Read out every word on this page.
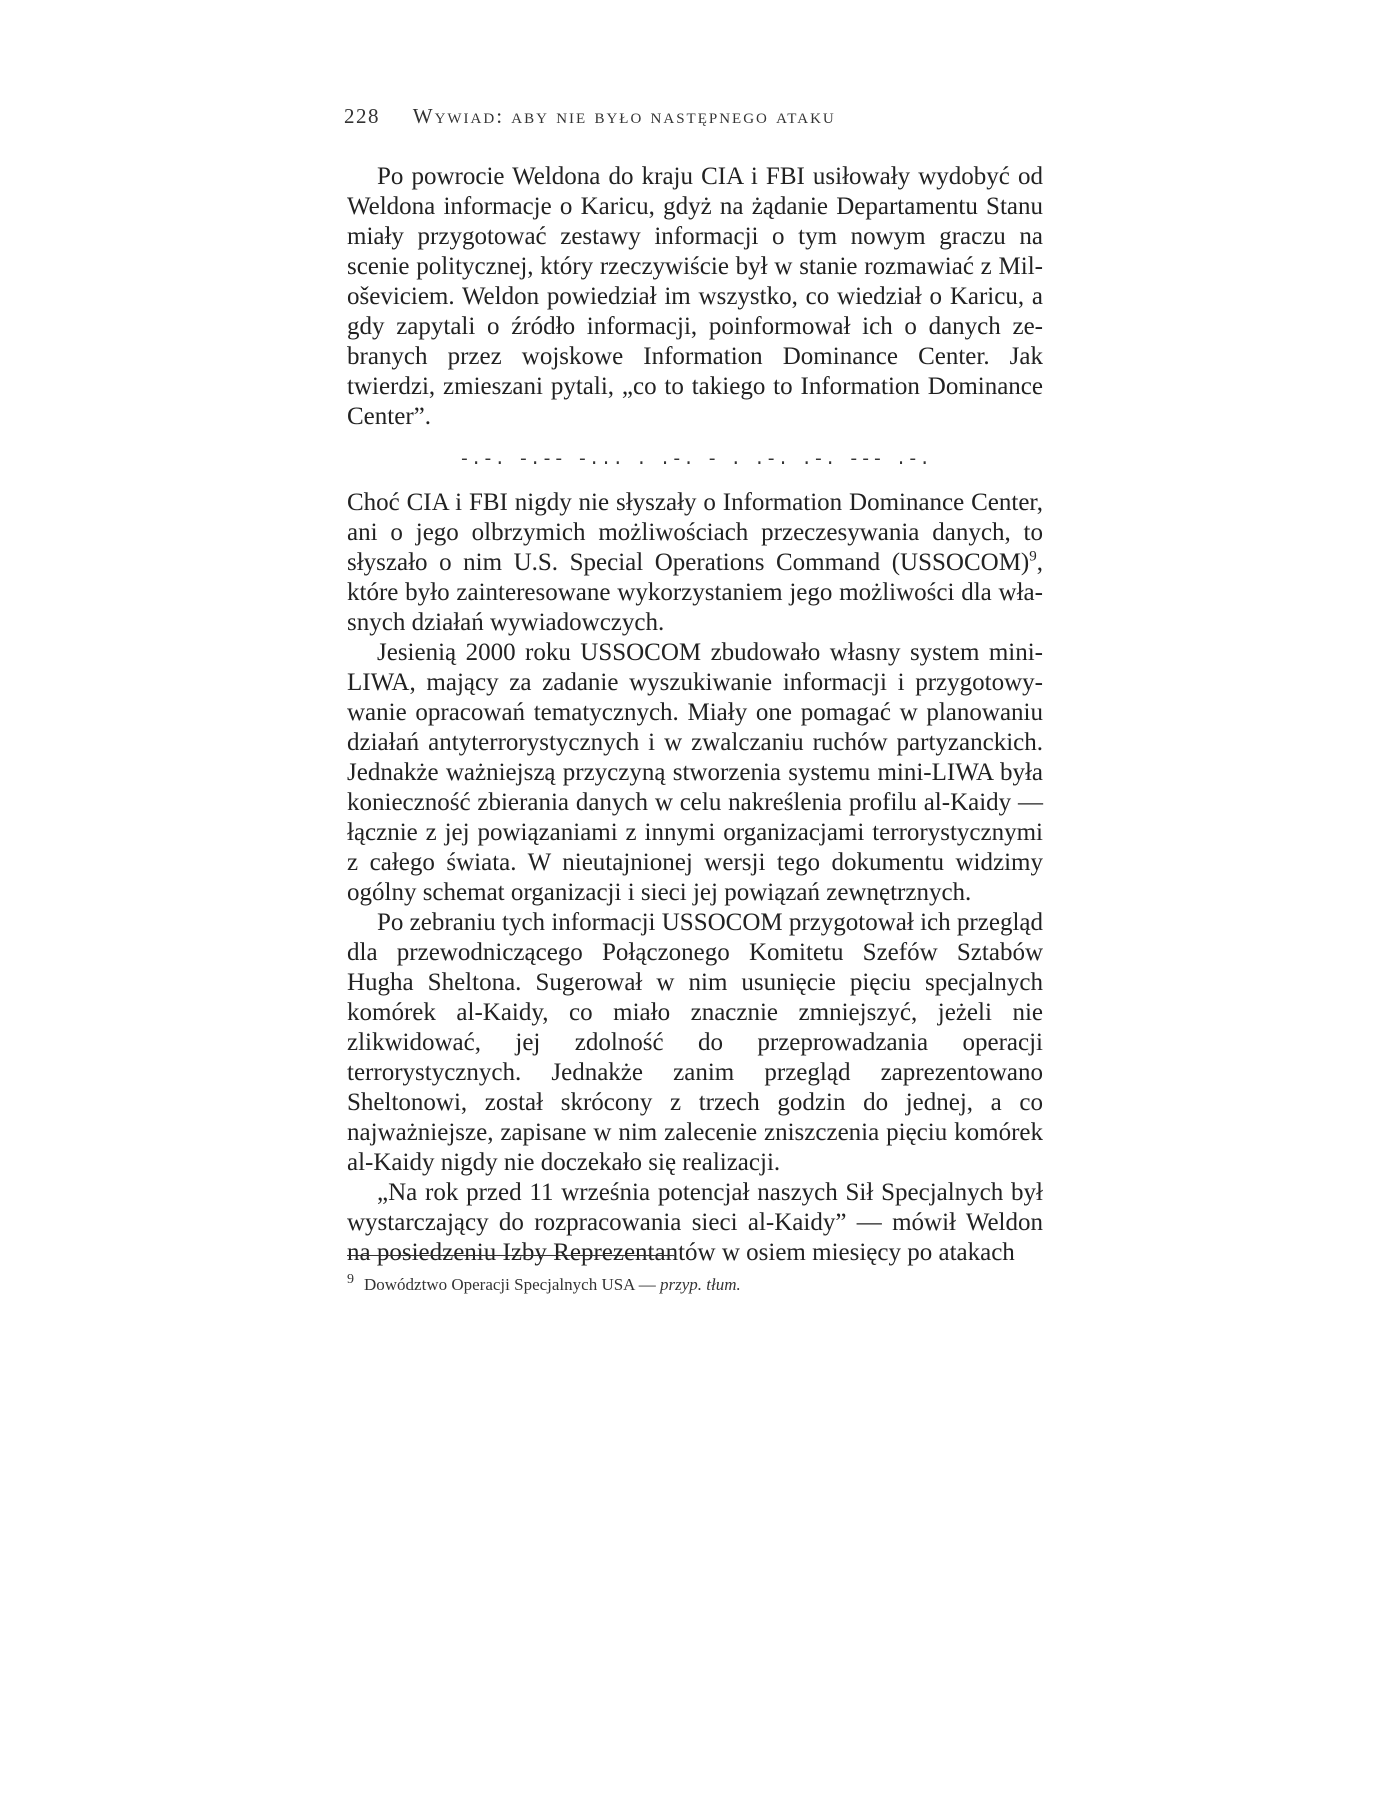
228 Wywiad: aby nie było następnego ataku

Po powrocie Weldona do kraju CIA i FBI usiłowały wydobyć od Weldona informacje o Karicu, gdyż na żądanie Departamentu Stanu miały przygotować zestawy informacji o tym nowym graczu na scenie politycznej, który rzeczywiście był w stanie rozmawiać z Miloševiciem. Weldon powiedział im wszystko, co wiedział o Karicu, a gdy zapytali o źródło informacji, poinformował ich o danych zebranych przez wojskowe Information Dominance Center. Jak twierdzi, zmieszani pytali, „co to takiego to Information Dominance Center”.

-.-. -.-- -... . .-. - . .-. .-. --- .-.

Choć CIA i FBI nigdy nie słyszały o Information Dominance Center, ani o jego olbrzymich możliwościach przeczesywania danych, to słyszało o nim U.S. Special Operations Command (USSOCOM)$^9$, które było zainteresowane wykorzystaniem jego możliwości dla własnych działań wywiadowczych.

Jesienią 2000 roku USSOCOM zbudowało własny system mini-LIWA, mający za zadanie wyszukiwanie informacji i przygotowywanie opracowań tematycznych. Miały one pomagać w planowaniu działań antyterrorystycznych i w zwalczaniu ruchów partyzanckich. Jednakże ważniejszą przyczyną stworzenia systemu mini-LIWA była konieczność zbierania danych w celu nakreślenia profilu al-Kaidy — łącznie z jej powiązaniami z innymi organizacjami terrorystycznymi z całego świata. W nieutajnionej wersji tego dokumentu widzimy ogólny schemat organizacji i sieci jej powiązań zewnętrznych.

Po zebraniu tych informacji USSOCOM przygotował ich przegląd dla przewodniczącego Połączonego Komitetu Szefów Sztabów Hugha Sheltona. Sugerował w nim usunięcie pięciu specjalnych komórek al-Kaidy, co miało znacznie zmniejszyć, jeżeli nie zlikwidować, jej zdolność do przeprowadzania operacji terrorystycznych. Jednakże zanim przegląd zaprezentowano Sheltonowi, został skrócony z trzech godzin do jednej, a co najważniejsze, zapisane w nim zalecenie zniszczenia pięciu komórek al-Kaidy nigdy nie doczekało się realizacji.

„Na rok przed 11 września potencjał naszych Sił Specjalnych był wystarczający do rozpracowania sieci al-Kaidy” — mówił Weldon na posiedzeniu Izby Reprezentantów w osiem miesięcy po atakach

$^9$ Dowództwo Operacji Specjalnych USA — przyp. tłum.
